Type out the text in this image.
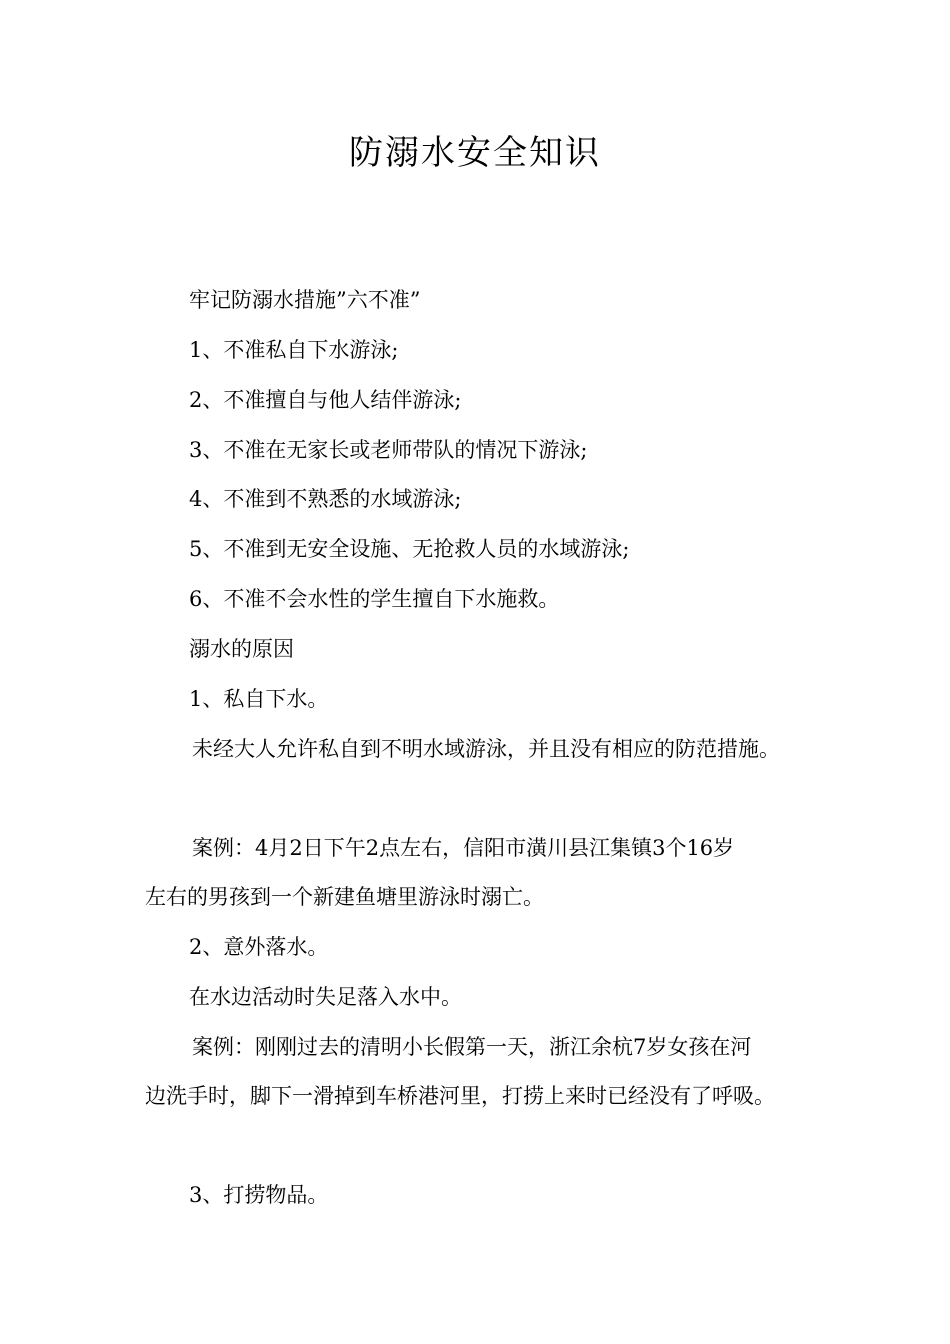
防溺水安全知识
牢记防溺水措施”六不准”
1、不准私自下水游泳;
2、不准擅自与他人结伴游泳;
3、不准在无家长或老师带队的情况下游泳;
4、不准到不熟悉的水域游泳;
5、不准到无安全设施、无抢救人员的水域游泳;
6、不准不会水性的学生擅自下水施救。
溺水的原因
1、私自下水。
未经大人允许私自到不明水域游泳，并且没有相应的防范措施。
案例：4月2日下午2点左右，信阳市潢川县江集镇3个16岁
左右的男孩到一个新建鱼塘里游泳时溺亡。
2、意外落水。
在水边活动时失足落入水中。
案例：刚刚过去的清明小长假第一天，浙江余杭7岁女孩在河
边洗手时，脚下一滑掉到车桥港河里，打捞上来时已经没有了呼吸。
3、打捞物品。
